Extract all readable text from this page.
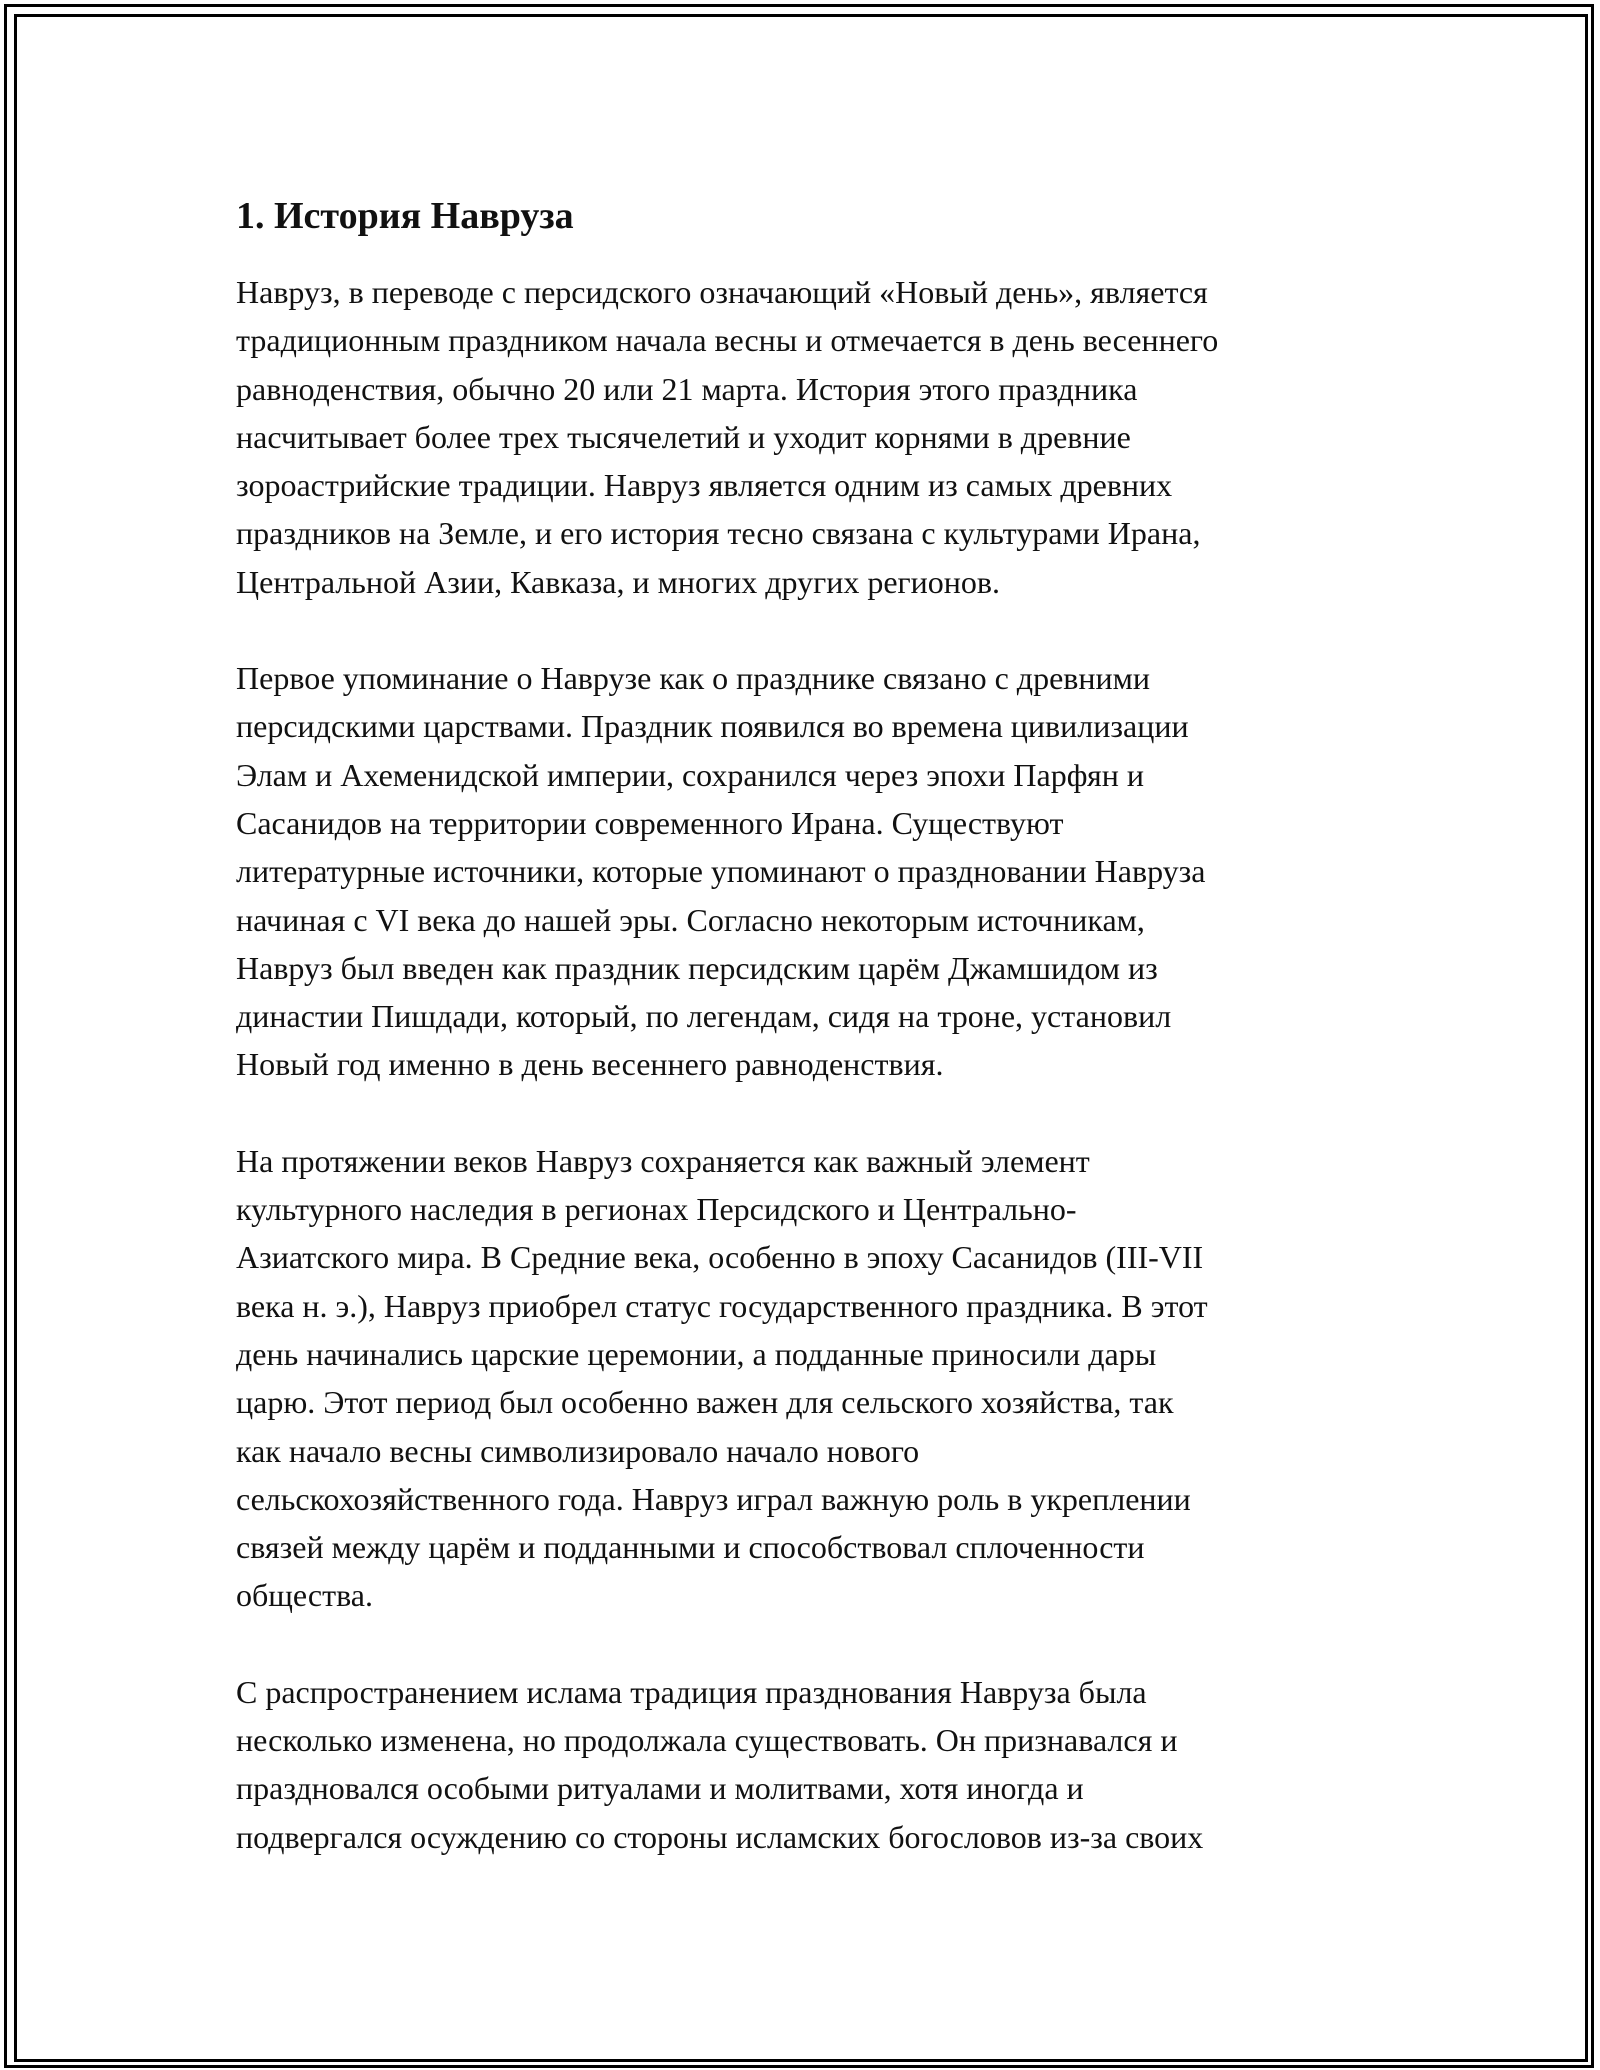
1. История Навруза

Навруз, в переводе с персидского означающий «Новый день», является
традиционным праздником начала весны и отмечается в день весеннего
равноденствия, обычно 20 или 21 марта. История этого праздника
насчитывает более трех тысячелетий и уходит корнями в древние
зороастрийские традиции. Навруз является одним из самых древних
праздников на Земле, и его история тесно связана с культурами Ирана,
Центральной Азии, Кавказа, и многих других регионов.

Первое упоминание о Наврузе как о празднике связано с древними
персидскими царствами. Праздник появился во времена цивилизации
Элам и Ахеменидской империи, сохранился через эпохи Парфян и
Сасанидов на территории современного Ирана. Существуют
литературные источники, которые упоминают о праздновании Навруза
начиная с VI века до нашей эры. Согласно некоторым источникам,
Навруз был введен как праздник персидским царём Джамшидом из
династии Пишдади, который, по легендам, сидя на троне, установил
Новый год именно в день весеннего равноденствия.

На протяжении веков Навруз сохраняется как важный элемент
культурного наследия в регионах Персидского и Центрально-
Азиатского мира. В Средние века, особенно в эпоху Сасанидов (III-VII
века н. э.), Навруз приобрел статус государственного праздника. В этот
день начинались царские церемонии, а подданные приносили дары
царю. Этот период был особенно важен для сельского хозяйства, так
как начало весны символизировало начало нового
сельскохозяйственного года. Навруз играл важную роль в укреплении
связей между царём и подданными и способствовал сплоченности
общества.

С распространением ислама традиция празднования Навруза была
несколько изменена, но продолжала существовать. Он признавался и
праздновался особыми ритуалами и молитвами, хотя иногда и
подвергался осуждению со стороны исламских богословов из-за своих
